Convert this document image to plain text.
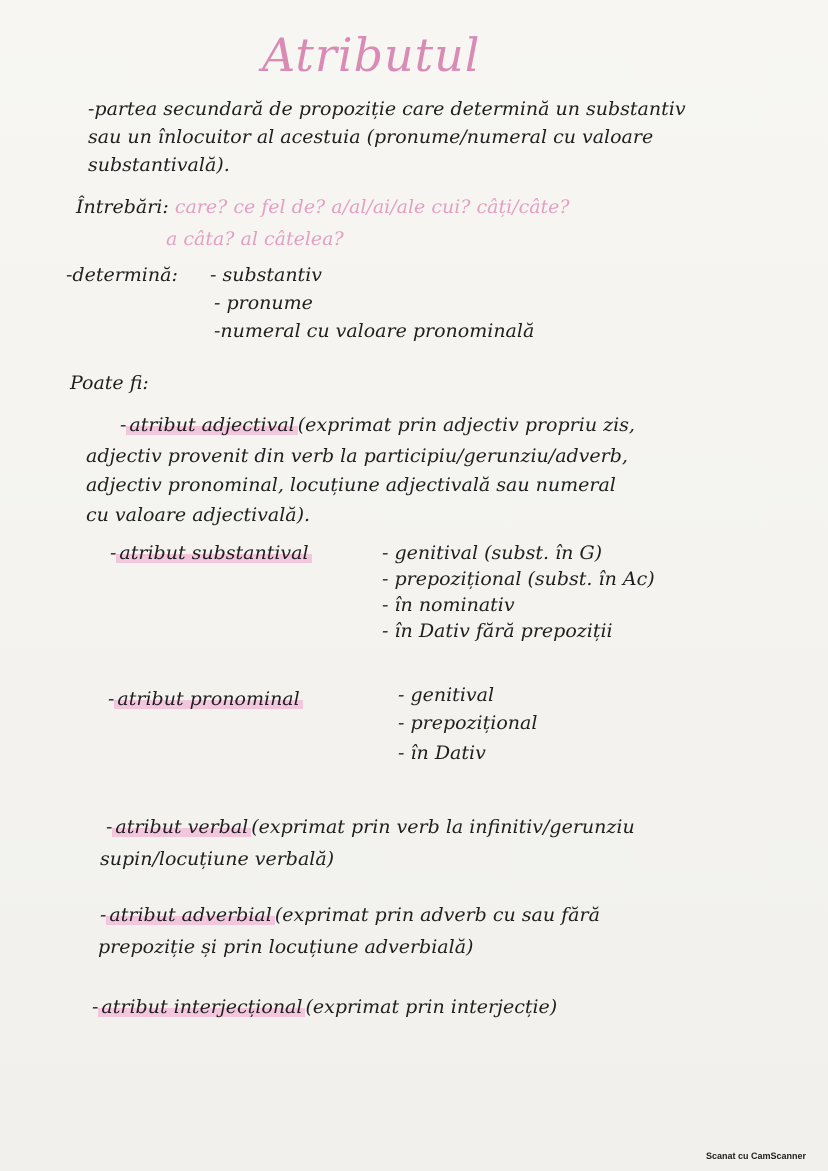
Atributul
-partea secundară de propoziție care determină un substantiv
sau un înlocuitor al acestuia (pronume/numeral cu valoare
substantivală).
Întrebări: care? ce fel de? a/al/ai/ale cui? câți/câte?
a câta? al câtelea?
-determină: - substantiv
- pronume
-numeral cu valoare pronominală
Poate fi:
- atribut adjectival (exprimat prin adjectiv propriu zis,
adjectiv provenit din verb la participiu/gerunziu/adverb,
adjectiv pronominal, locuțiune adjectivală sau numeral
cu valoare adjectivală).
- atribut substantival	- genitival (subst. în G)
- prepozițional (subst. în Ac)
- în nominativ
- în Dativ fără prepoziții
- atribut pronominal	- genitival
- prepozițional
- în Dativ
- atribut verbal (exprimat prin verb la infinitiv/gerunziu
supin/locuțiune verbală)
- atribut adverbial (exprimat prin adverb cu sau fără
prepoziție și prin locuțiune adverbială)
- atribut interjecțional (exprimat prin interjecție)
Scanat cu CamScanner
